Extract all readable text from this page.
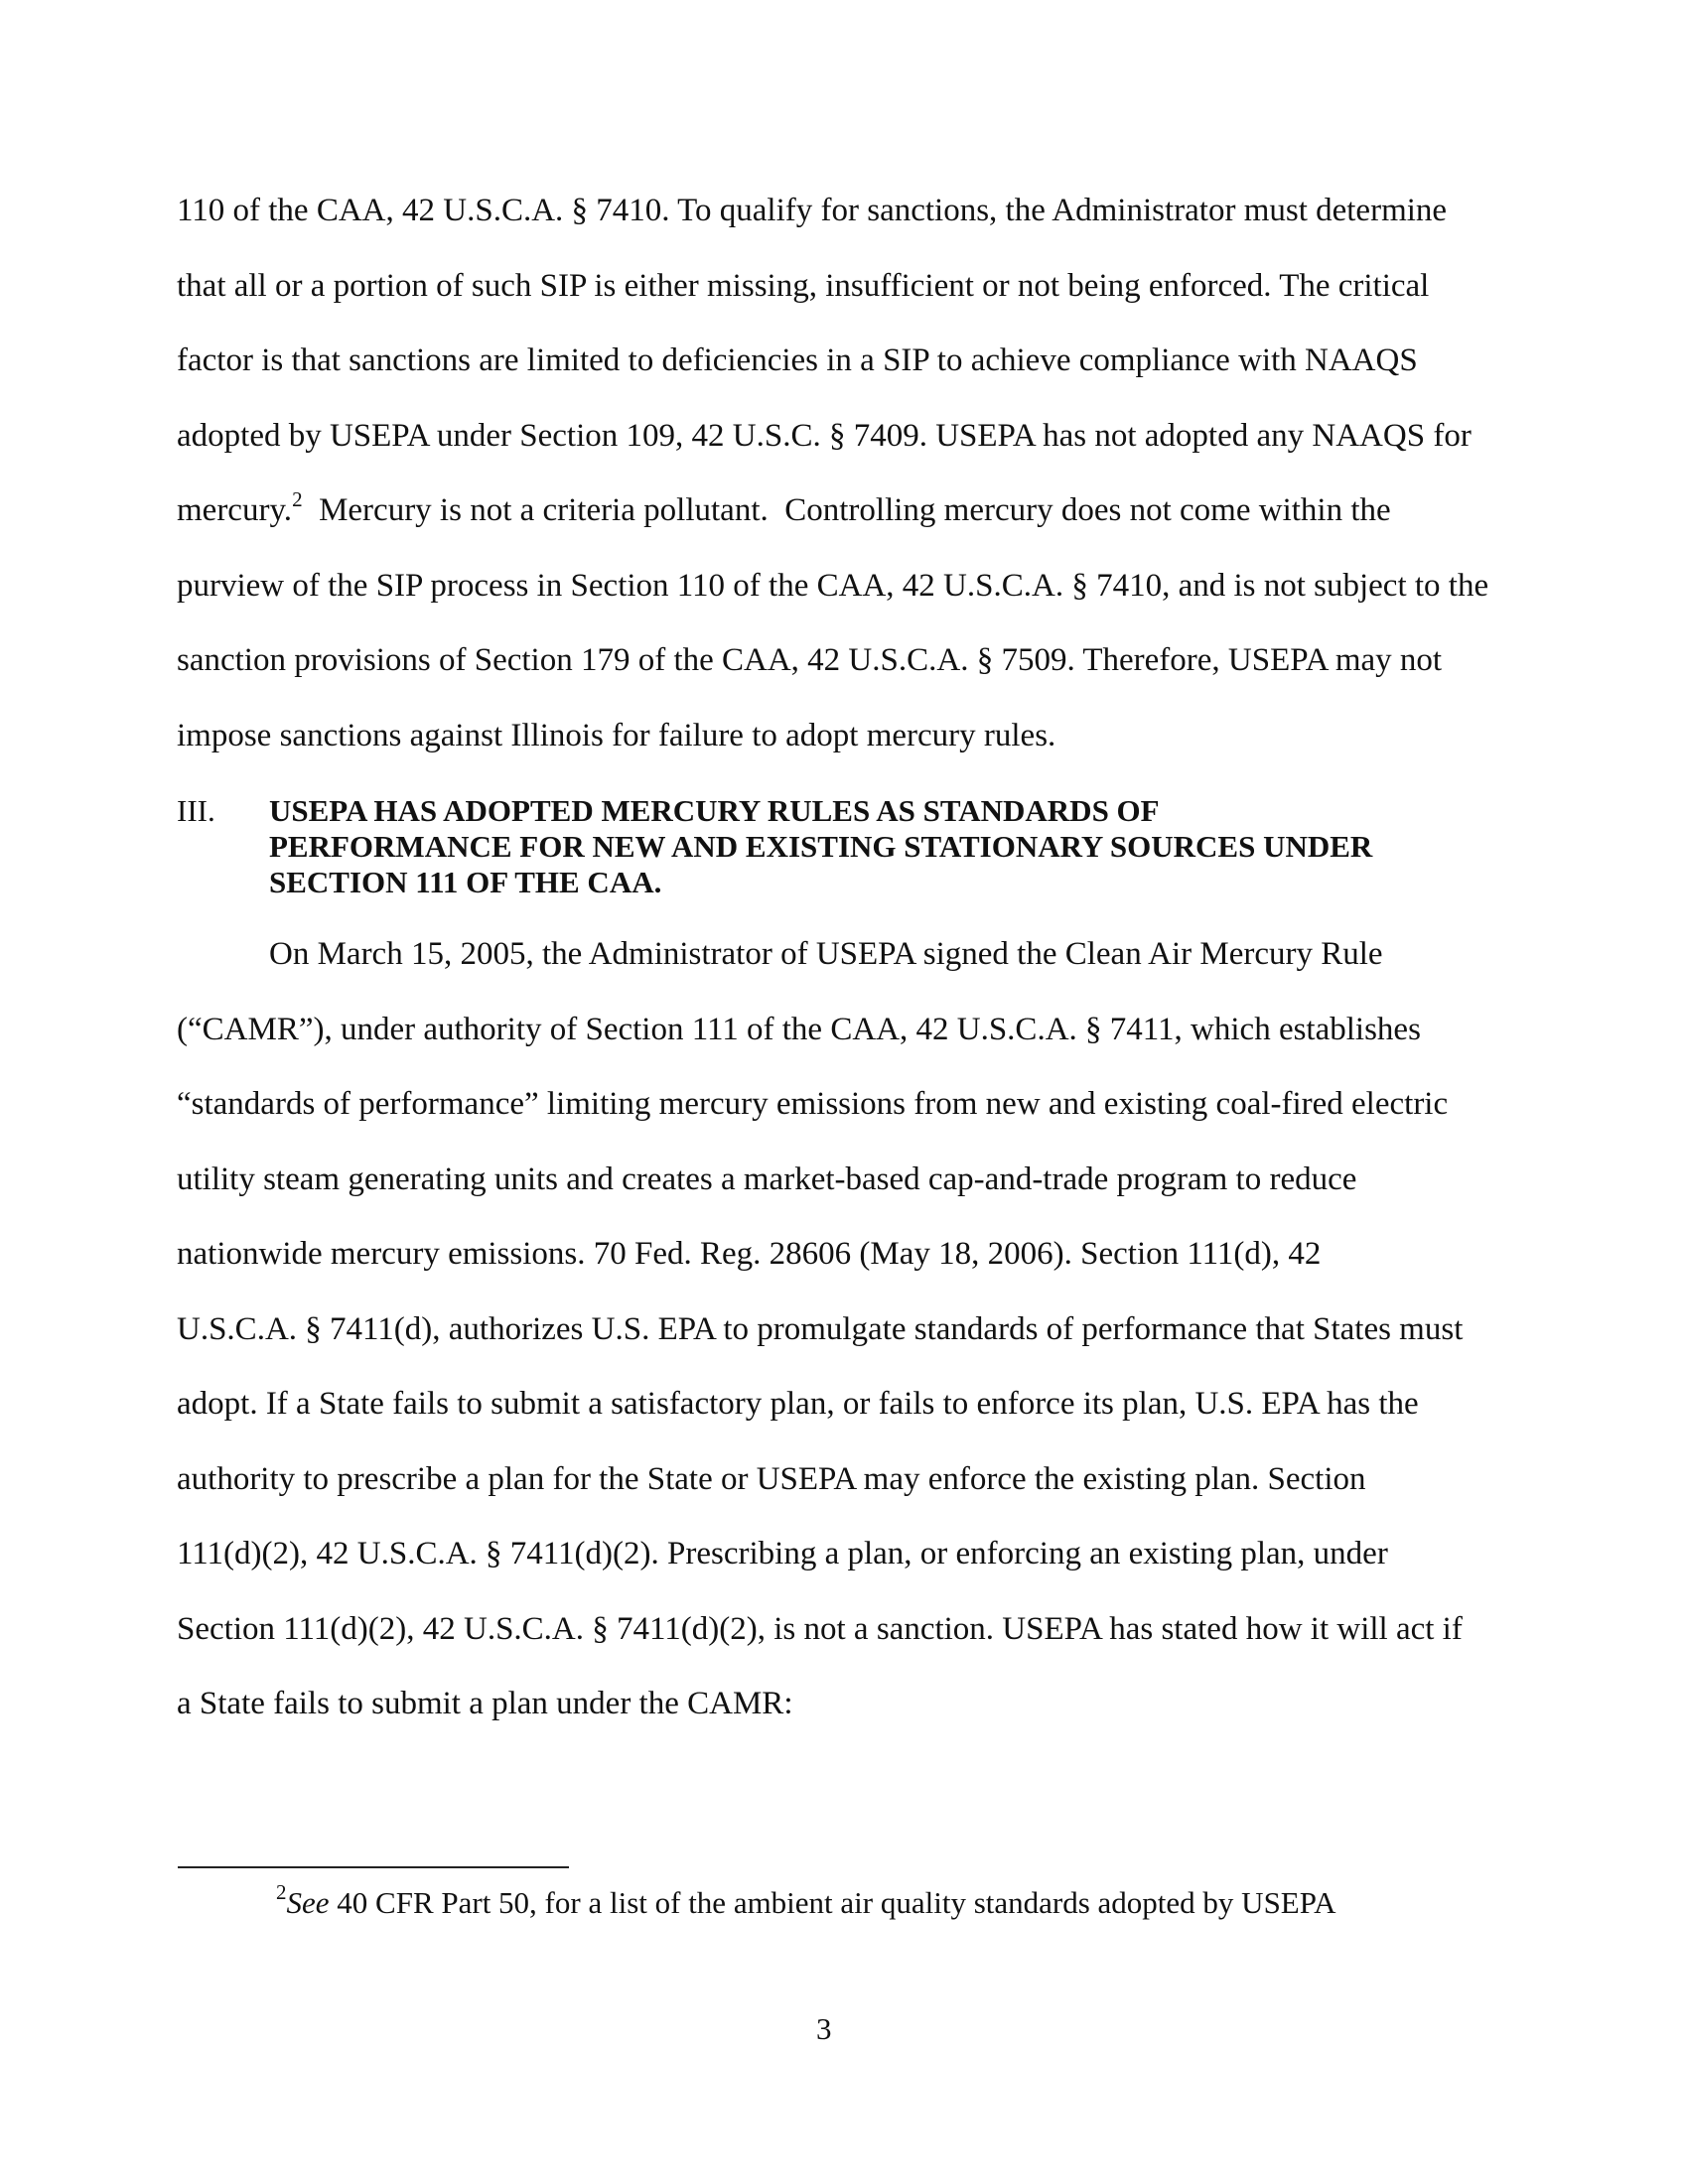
110 of the CAA, 42 U.S.C.A. § 7410. To qualify for sanctions, the Administrator must determine
that all or a portion of such SIP is either missing, insufficient or not being enforced. The critical
factor is that sanctions are limited to deficiencies in a SIP to achieve compliance with NAAQS
adopted by USEPA under Section 109, 42 U.S.C. § 7409. USEPA has not adopted any NAAQS for
mercury.$^2$  Mercury is not a criteria pollutant.  Controlling mercury does not come within the
purview of the SIP process in Section 110 of the CAA, 42 U.S.C.A. § 7410, and is not subject to the
sanction provisions of Section 179 of the CAA, 42 U.S.C.A. § 7509. Therefore, USEPA may not
impose sanctions against Illinois for failure to adopt mercury rules.
III. USEPA HAS ADOPTED MERCURY RULES AS STANDARDS OF
PERFORMANCE FOR NEW AND EXISTING STATIONARY SOURCES UNDER
SECTION 111 OF THE CAA.
On March 15, 2005, the Administrator of USEPA signed the Clean Air Mercury Rule
(“CAMR”), under authority of Section 111 of the CAA, 42 U.S.C.A. § 7411, which establishes
“standards of performance” limiting mercury emissions from new and existing coal-fired electric
utility steam generating units and creates a market-based cap-and-trade program to reduce
nationwide mercury emissions. 70 Fed. Reg. 28606 (May 18, 2006). Section 111(d), 42
U.S.C.A. § 7411(d), authorizes U.S. EPA to promulgate standards of performance that States must
adopt. If a State fails to submit a satisfactory plan, or fails to enforce its plan, U.S. EPA has the
authority to prescribe a plan for the State or USEPA may enforce the existing plan. Section
111(d)(2), 42 U.S.C.A. § 7411(d)(2). Prescribing a plan, or enforcing an existing plan, under
Section 111(d)(2), 42 U.S.C.A. § 7411(d)(2), is not a sanction. USEPA has stated how it will act if
a State fails to submit a plan under the CAMR:
$^2$See 40 CFR Part 50, for a list of the ambient air quality standards adopted by USEPA
3
